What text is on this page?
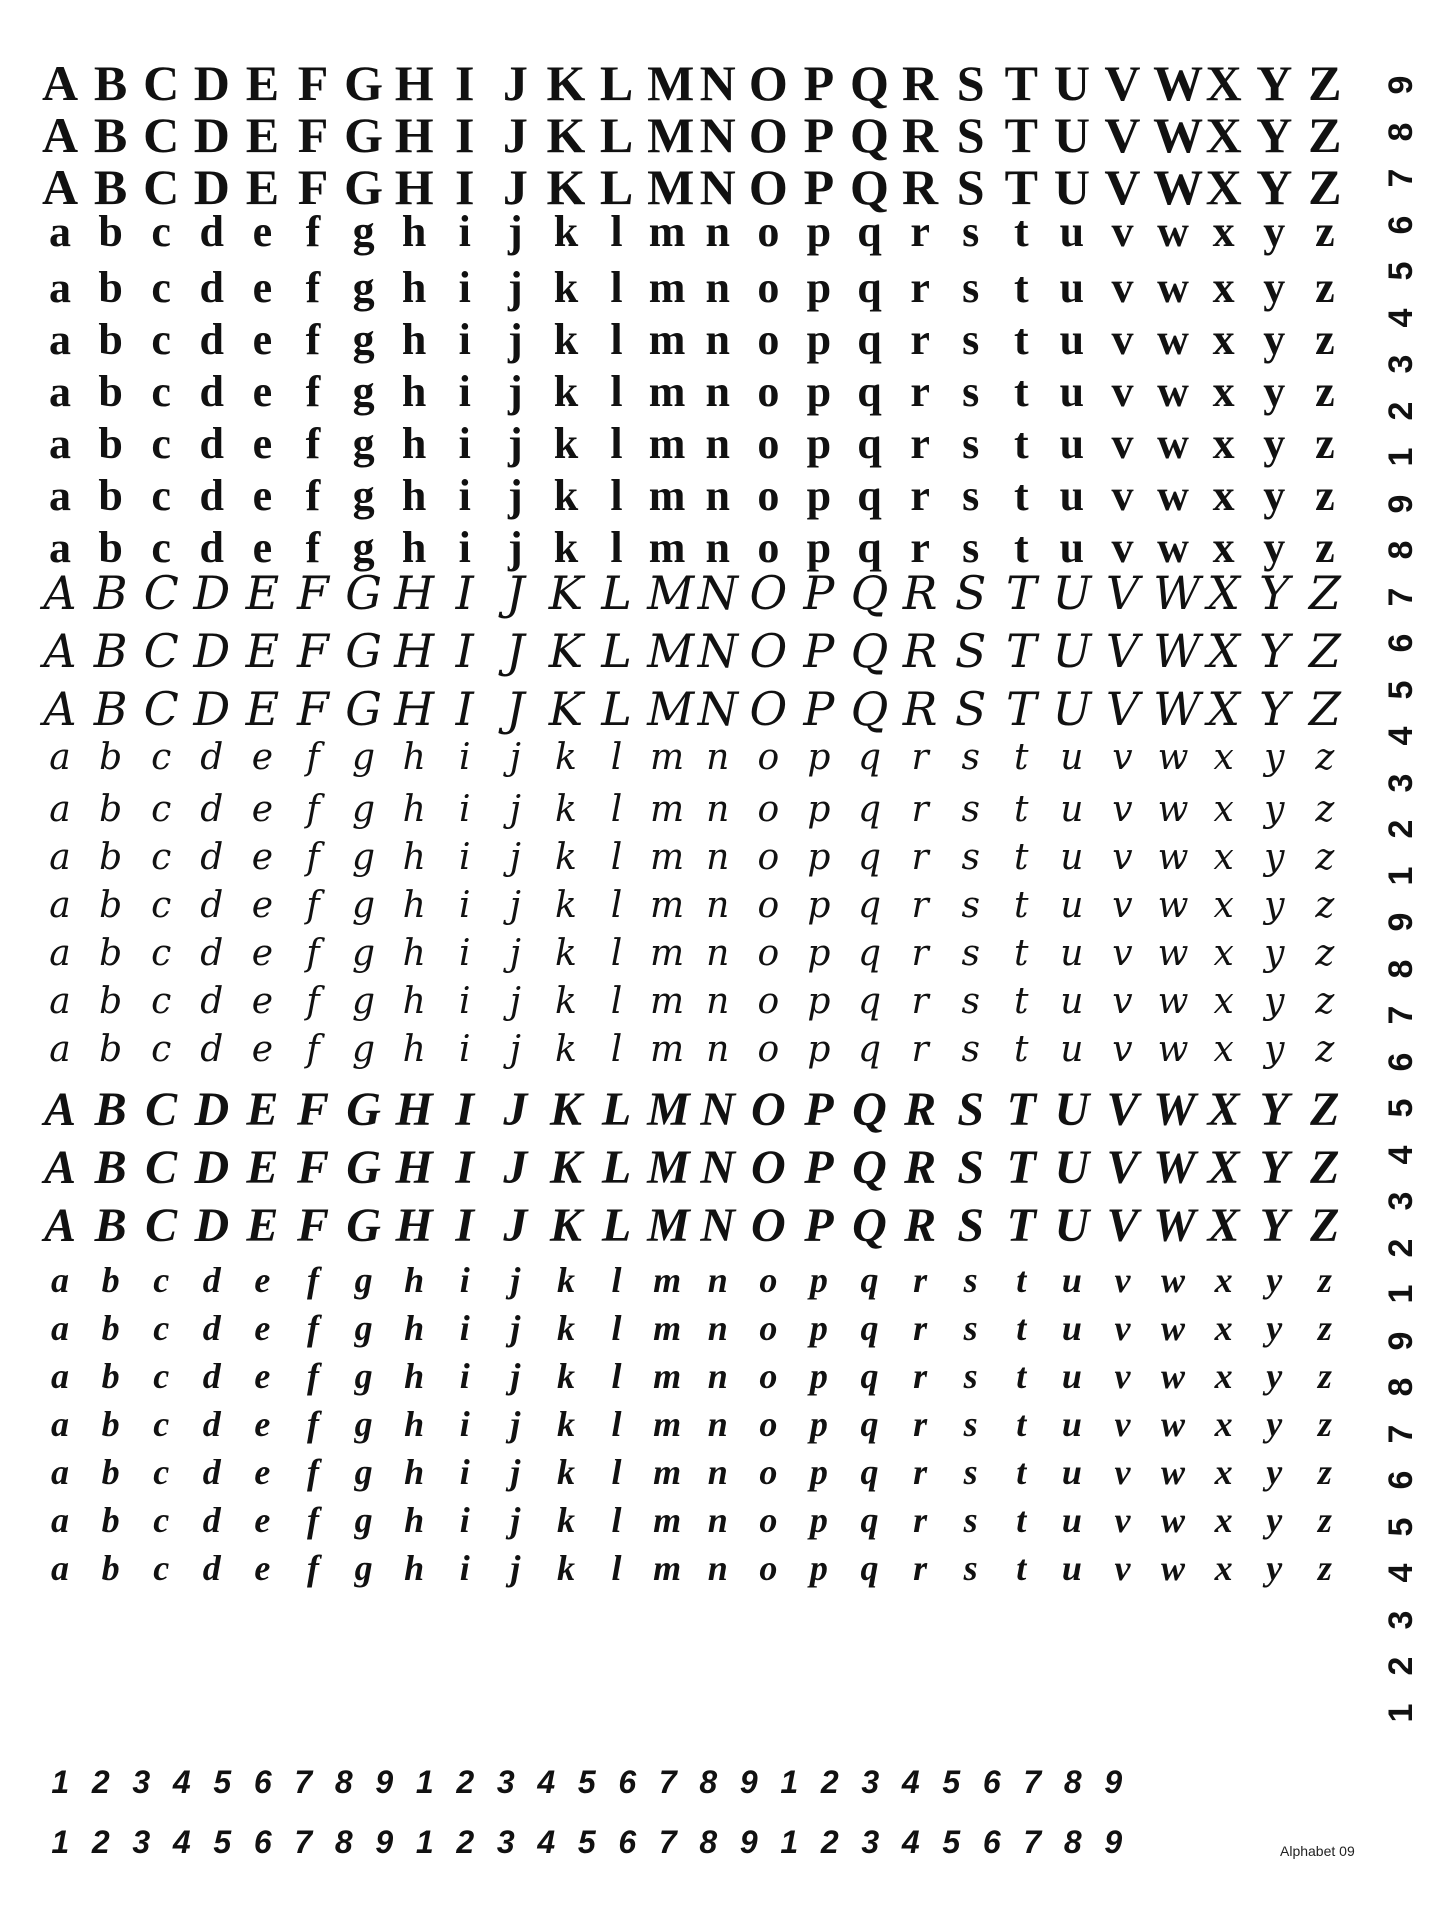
A B C D E F G H I J K L M N O P Q R S T U V W X Y Z
A B C D E F G H I J K L M N O P Q R S T U V W X Y Z
A B C D E F G H I J K L M N O P Q R S T U V W X Y Z
a b c d e f g h i j k l m n o p q r s t u v w x y z
a b c d e f g h i j k l m n o p q r s t u v w x y z
a b c d e f g h i j k l m n o p q r s t u v w x y z
a b c d e f g h i j k l m n o p q r s t u v w x y z
a b c d e f g h i j k l m n o p q r s t u v w x y z
a b c d e f g h i j k l m n o p q r s t u v w x y z
a b c d e f g h i j k l m n o p q r s t u v w x y z
A B C D E F G H I J K L M N O P Q R S T U V W X Y Z
A B C D E F G H I J K L M N O P Q R S T U V W X Y Z
A B C D E F G H I J K L M N O P Q R S T U V W X Y Z
a b c d e f g h i	j k l m n o p q r s t u v w x y z
a b c d e f g h i	j k l m n o p q r s t u v w x y z
a b c d e f g h i	j k l m n o p q r s t u v w x y z
a b c d e f g h i	j k l m n o p q r s t u v w x y z
a b c d e f g h i	j k l m n o p q r s t u v w x y z
a b c d e f g h i	j k l m n o p q r s t u v w x y z
a b c d e f g h i	j k l m n o p q r s t u v w x y z
A B C D E F G H I J K L M N O P Q R S T U V W X Y Z
A B C D E F G H I J K L M N O P Q R S T U V W X Y Z
A B C D E F G H I J K L M N O P Q R S T U V W X Y Z
a b c d e	f g h i	j	k	l m n o p q r	s	t u v w x y z
a b c d e	f g h i	j	k	l m n o p q r	s	t u v w x y z
a b c d e	f g h i	j	k	l m n o p q r	s	t u v w x y z
a b c d e	f g h i	j	k	l m n o p q r	s	t u v w x y z
a b c d e	f g h i	j	k	l m n o p q r	s	t u v w x y z
a b c d e	f g h i	j	k	l m n o p q r	s	t u v w x y z
a b c d e	f g h i	j	k	l m n o p q r	s	t u v w x y z
1 2 3 4 5 6 7 8 9 1 2 3 4 5 6 7 8 9 1 2 3 4 5 6 7 8 9
1 2 3 4 5 6 7 8 9 1 2 3 4 5 6 7 8 9 1 2 3 4 5 6 7 8 9
9
8
7
6
5
4
3
2
1
9
8
7
6
5
4
3
2
1
9
8
7
6
5
4
3
2
1
9
8
7
6
5
4
3
2
1
Alphabet 09
